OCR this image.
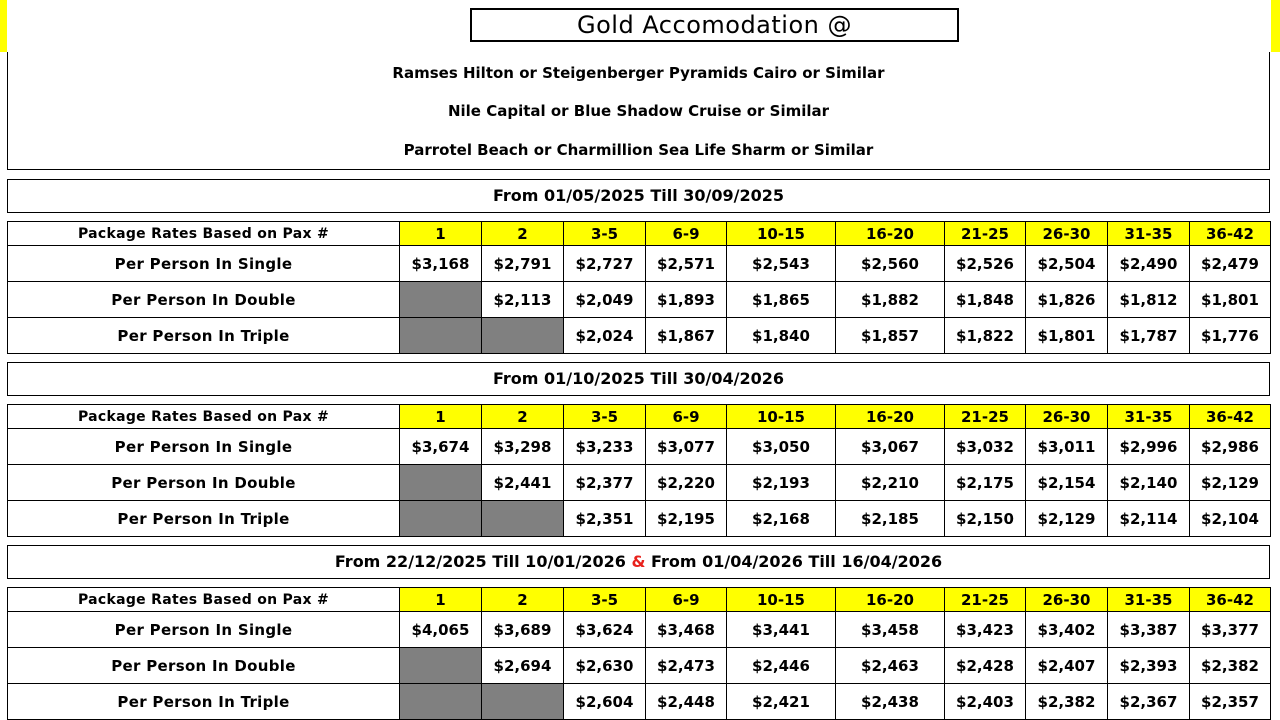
Gold Accomodation @
Ramses Hilton or Steigenberger Pyramids Cairo or Similar
Nile Capital or Blue Shadow Cruise or Similar
Parrotel Beach or Charmillion Sea Life Sharm or Similar
From 01/05/2025 Till 30/09/2025
Package Rates Based on Pax #	1	2	3-5	6-9	10-15	16-20	21-25	26-30	31-35	36-42
Per Person In Single	$3,168	$2,791	$2,727	$2,571	$2,543	$2,560	$2,526	$2,504	$2,490	$2,479
Per Person In Double		$2,113	$2,049	$1,893	$1,865	$1,882	$1,848	$1,826	$1,812	$1,801
Per Person In Triple			$2,024	$1,867	$1,840	$1,857	$1,822	$1,801	$1,787	$1,776
From 01/10/2025 Till 30/04/2026
Package Rates Based on Pax #	1	2	3-5	6-9	10-15	16-20	21-25	26-30	31-35	36-42
Per Person In Single	$3,674	$3,298	$3,233	$3,077	$3,050	$3,067	$3,032	$3,011	$2,996	$2,986
Per Person In Double		$2,441	$2,377	$2,220	$2,193	$2,210	$2,175	$2,154	$2,140	$2,129
Per Person In Triple			$2,351	$2,195	$2,168	$2,185	$2,150	$2,129	$2,114	$2,104
From 22/12/2025 Till 10/01/2026 & From 01/04/2026 Till 16/04/2026
Package Rates Based on Pax #	1	2	3-5	6-9	10-15	16-20	21-25	26-30	31-35	36-42
Per Person In Single	$4,065	$3,689	$3,624	$3,468	$3,441	$3,458	$3,423	$3,402	$3,387	$3,377
Per Person In Double		$2,694	$2,630	$2,473	$2,446	$2,463	$2,428	$2,407	$2,393	$2,382
Per Person In Triple			$2,604	$2,448	$2,421	$2,438	$2,403	$2,382	$2,367	$2,357
